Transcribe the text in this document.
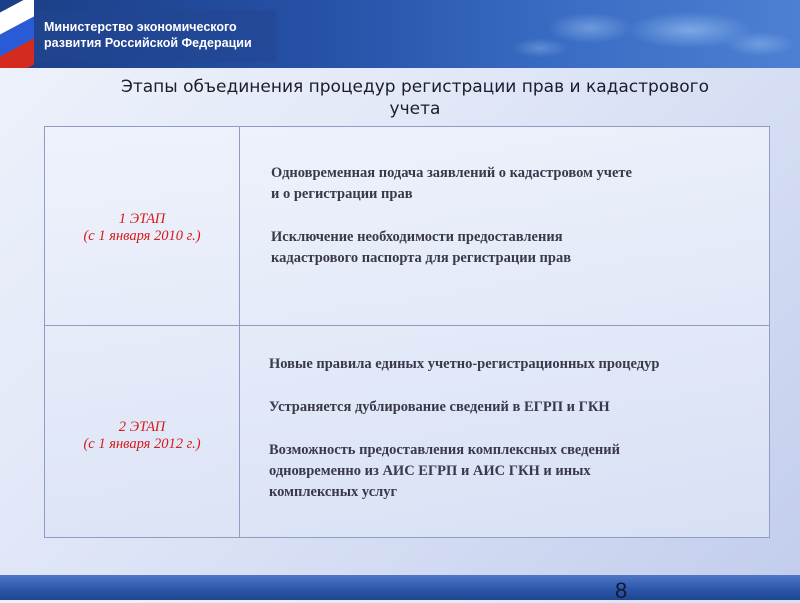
Министерство экономического
развития Российской Федерации
Этапы объединения процедур регистрации прав и кадастрового
учета
1 ЭТАП
(с 1 января 2010 г.)

Одновременная подача заявлений о кадастровом учете

и о регистрации прав

Исключение необходимости предоставления

кадастрового паспорта для регистрации прав

2 ЭТАП
(с 1 января 2012 г.)

Новые правила единых учетно-регистрационных процедур

Устраняется дублирование сведений в ЕГРП и ГКН

Возможность предоставления комплексных сведений

одновременно из АИС ЕГРП и АИС ГКН и иных

комплексных услуг

8
